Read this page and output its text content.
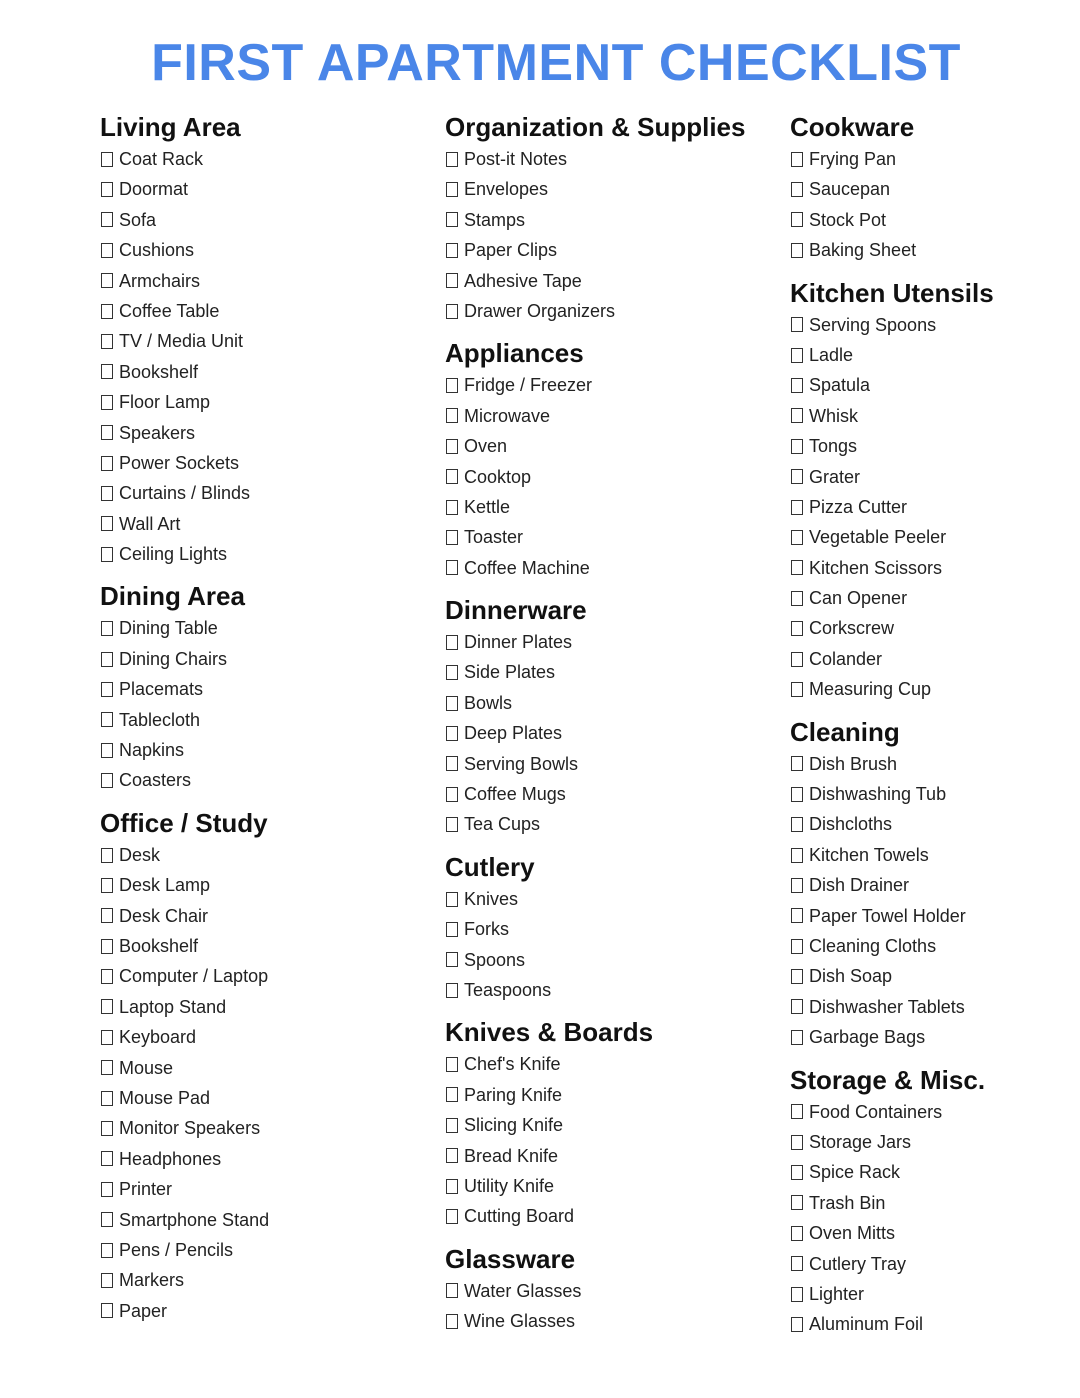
FIRST APARTMENT CHECKLIST
Living Area
Coat Rack
Doormat
Sofa
Cushions
Armchairs
Coffee Table
TV / Media Unit
Bookshelf
Floor Lamp
Speakers
Power Sockets
Curtains / Blinds
Wall Art
Ceiling Lights
Dining Area
Dining Table
Dining Chairs
Placemats
Tablecloth
Napkins
Coasters
Office / Study
Desk
Desk Lamp
Desk Chair
Bookshelf
Computer / Laptop
Laptop Stand
Keyboard
Mouse
Mouse Pad
Monitor Speakers
Headphones
Printer
Smartphone Stand
Pens / Pencils
Markers
Paper
Organization & Supplies
Post-it Notes
Envelopes
Stamps
Paper Clips
Adhesive Tape
Drawer Organizers
Appliances
Fridge / Freezer
Microwave
Oven
Cooktop
Kettle
Toaster
Coffee Machine
Dinnerware
Dinner Plates
Side Plates
Bowls
Deep Plates
Serving Bowls
Coffee Mugs
Tea Cups
Cutlery
Knives
Forks
Spoons
Teaspoons
Knives & Boards
Chef's Knife
Paring Knife
Slicing Knife
Bread Knife
Utility Knife
Cutting Board
Glassware
Water Glasses
Wine Glasses
Cookware
Frying Pan
Saucepan
Stock Pot
Baking Sheet
Kitchen Utensils
Serving Spoons
Ladle
Spatula
Whisk
Tongs
Grater
Pizza Cutter
Vegetable Peeler
Kitchen Scissors
Can Opener
Corkscrew
Colander
Measuring Cup
Cleaning
Dish Brush
Dishwashing Tub
Dishcloths
Kitchen Towels
Dish Drainer
Paper Towel Holder
Cleaning Cloths
Dish Soap
Dishwasher Tablets
Garbage Bags
Storage & Misc.
Food Containers
Storage Jars
Spice Rack
Trash Bin
Oven Mitts
Cutlery Tray
Lighter
Aluminum Foil
